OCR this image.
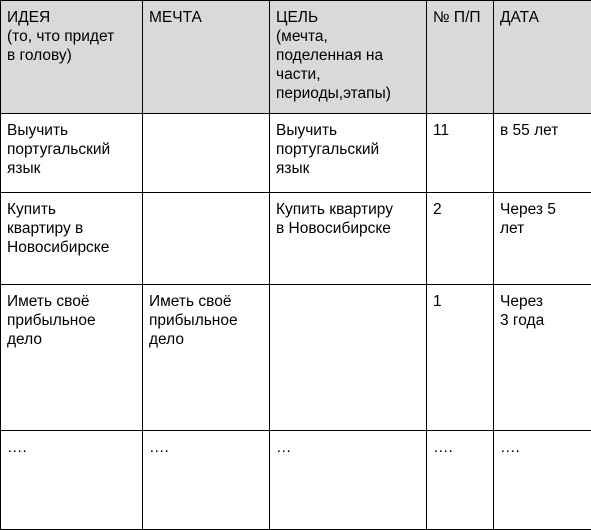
ИДЕЯ
(то, что придет
в голову)	МЕЧТА	ЦЕЛЬ
(мечта,
поделенная на
части,
периоды,этапы)	№ П/П	ДАТА
Выучить
португальский
язык		Выучить
португальский
язык	11	в 55 лет
Купить
квартиру в
Новосибирске		Купить квартиру
в Новосибирске	2	Через 5
лет
Иметь своё
прибыльное
дело	Иметь своё
прибыльное
дело		1	Через
3 года
….	….	…	….	….
